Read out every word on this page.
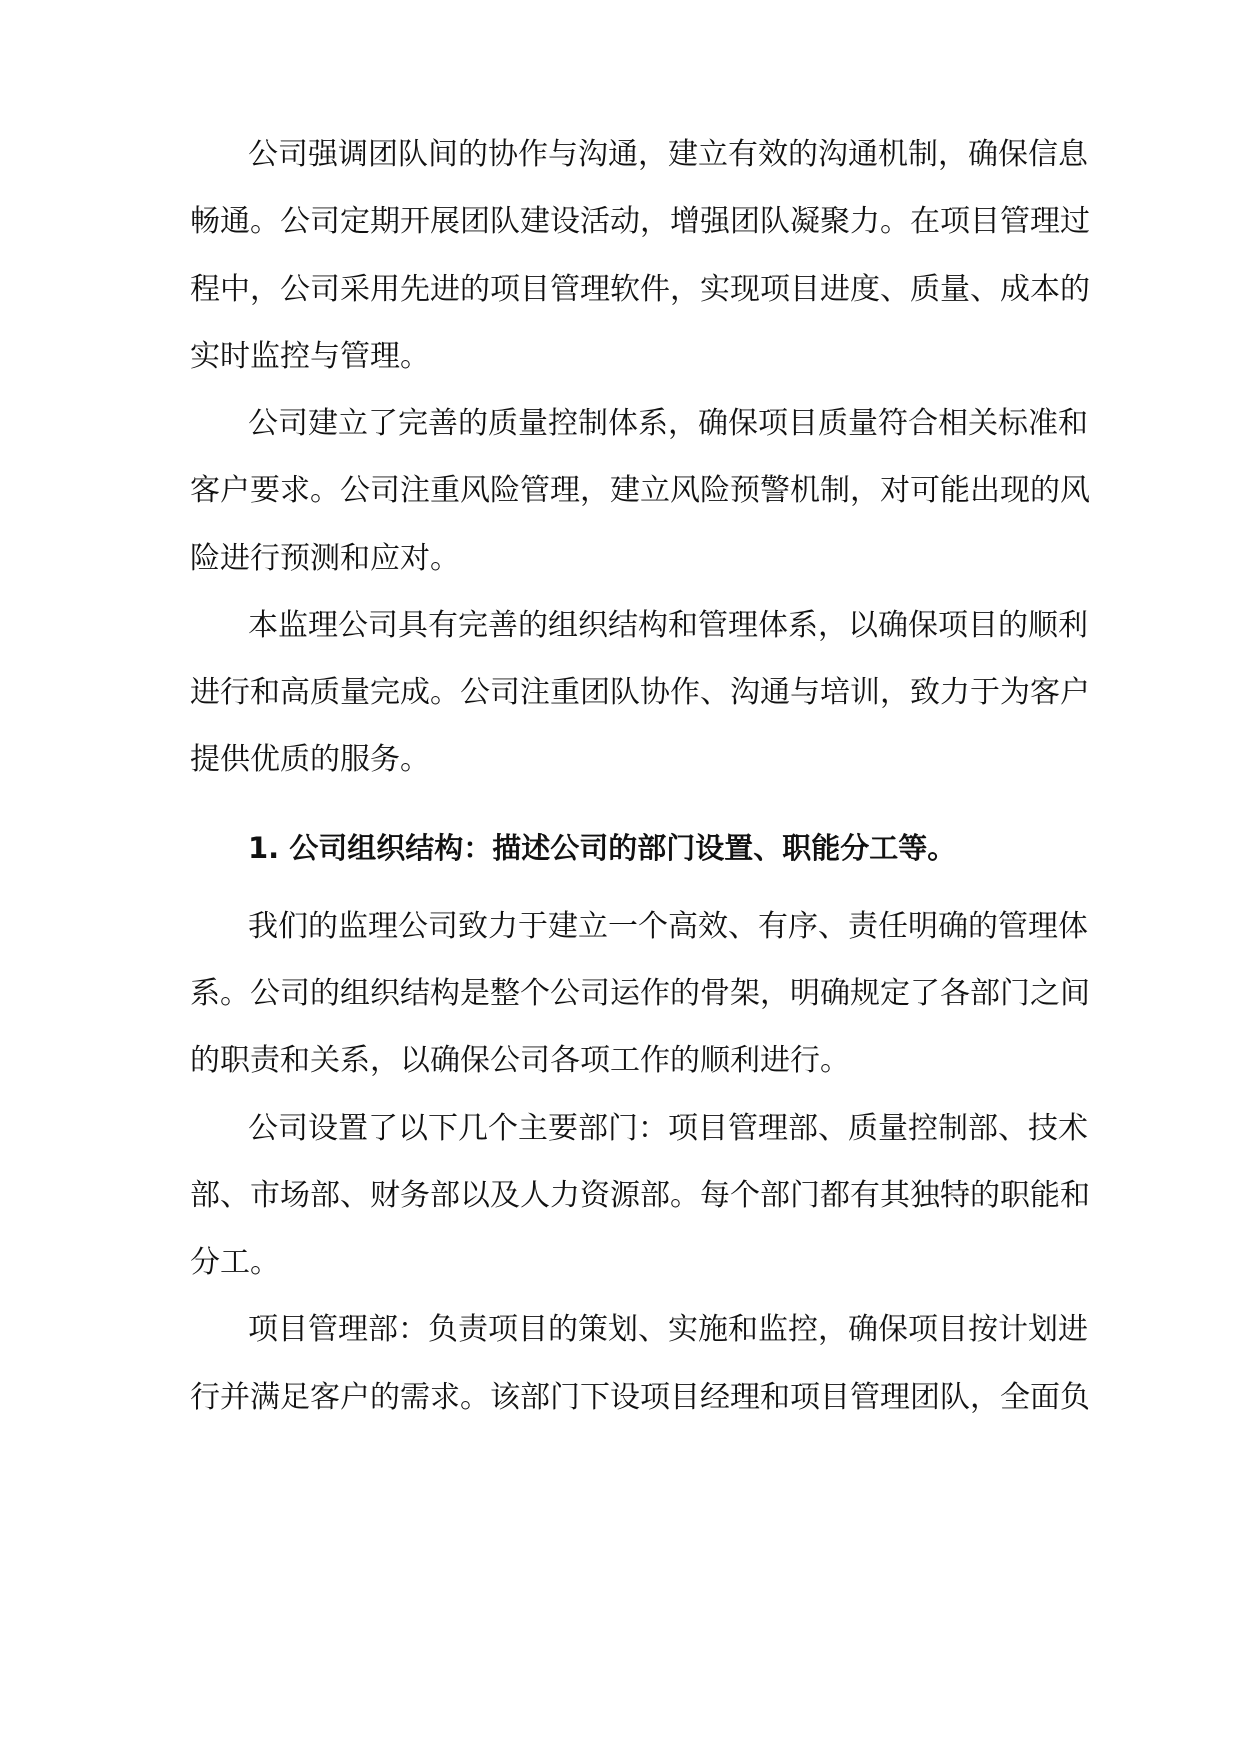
公司强调团队间的协作与沟通，建立有效的沟通机制，确保信息
畅通。公司定期开展团队建设活动，增强团队凝聚力。在项目管理过
程中，公司采用先进的项目管理软件，实现项目进度、质量、成本的
实时监控与管理。
公司建立了完善的质量控制体系，确保项目质量符合相关标准和
客户要求。公司注重风险管理，建立风险预警机制，对可能出现的风
险进行预测和应对。
本监理公司具有完善的组织结构和管理体系，以确保项目的顺利
进行和高质量完成。公司注重团队协作、沟通与培训，致力于为客户
提供优质的服务。
1. 公司组织结构：描述公司的部门设置、职能分工等。
我们的监理公司致力于建立一个高效、有序、责任明确的管理体
系。公司的组织结构是整个公司运作的骨架，明确规定了各部门之间
的职责和关系，以确保公司各项工作的顺利进行。
公司设置了以下几个主要部门：项目管理部、质量控制部、技术
部、市场部、财务部以及人力资源部。每个部门都有其独特的职能和
分工。
项目管理部：负责项目的策划、实施和监控，确保项目按计划进
行并满足客户的需求。该部门下设项目经理和项目管理团队，全面负
